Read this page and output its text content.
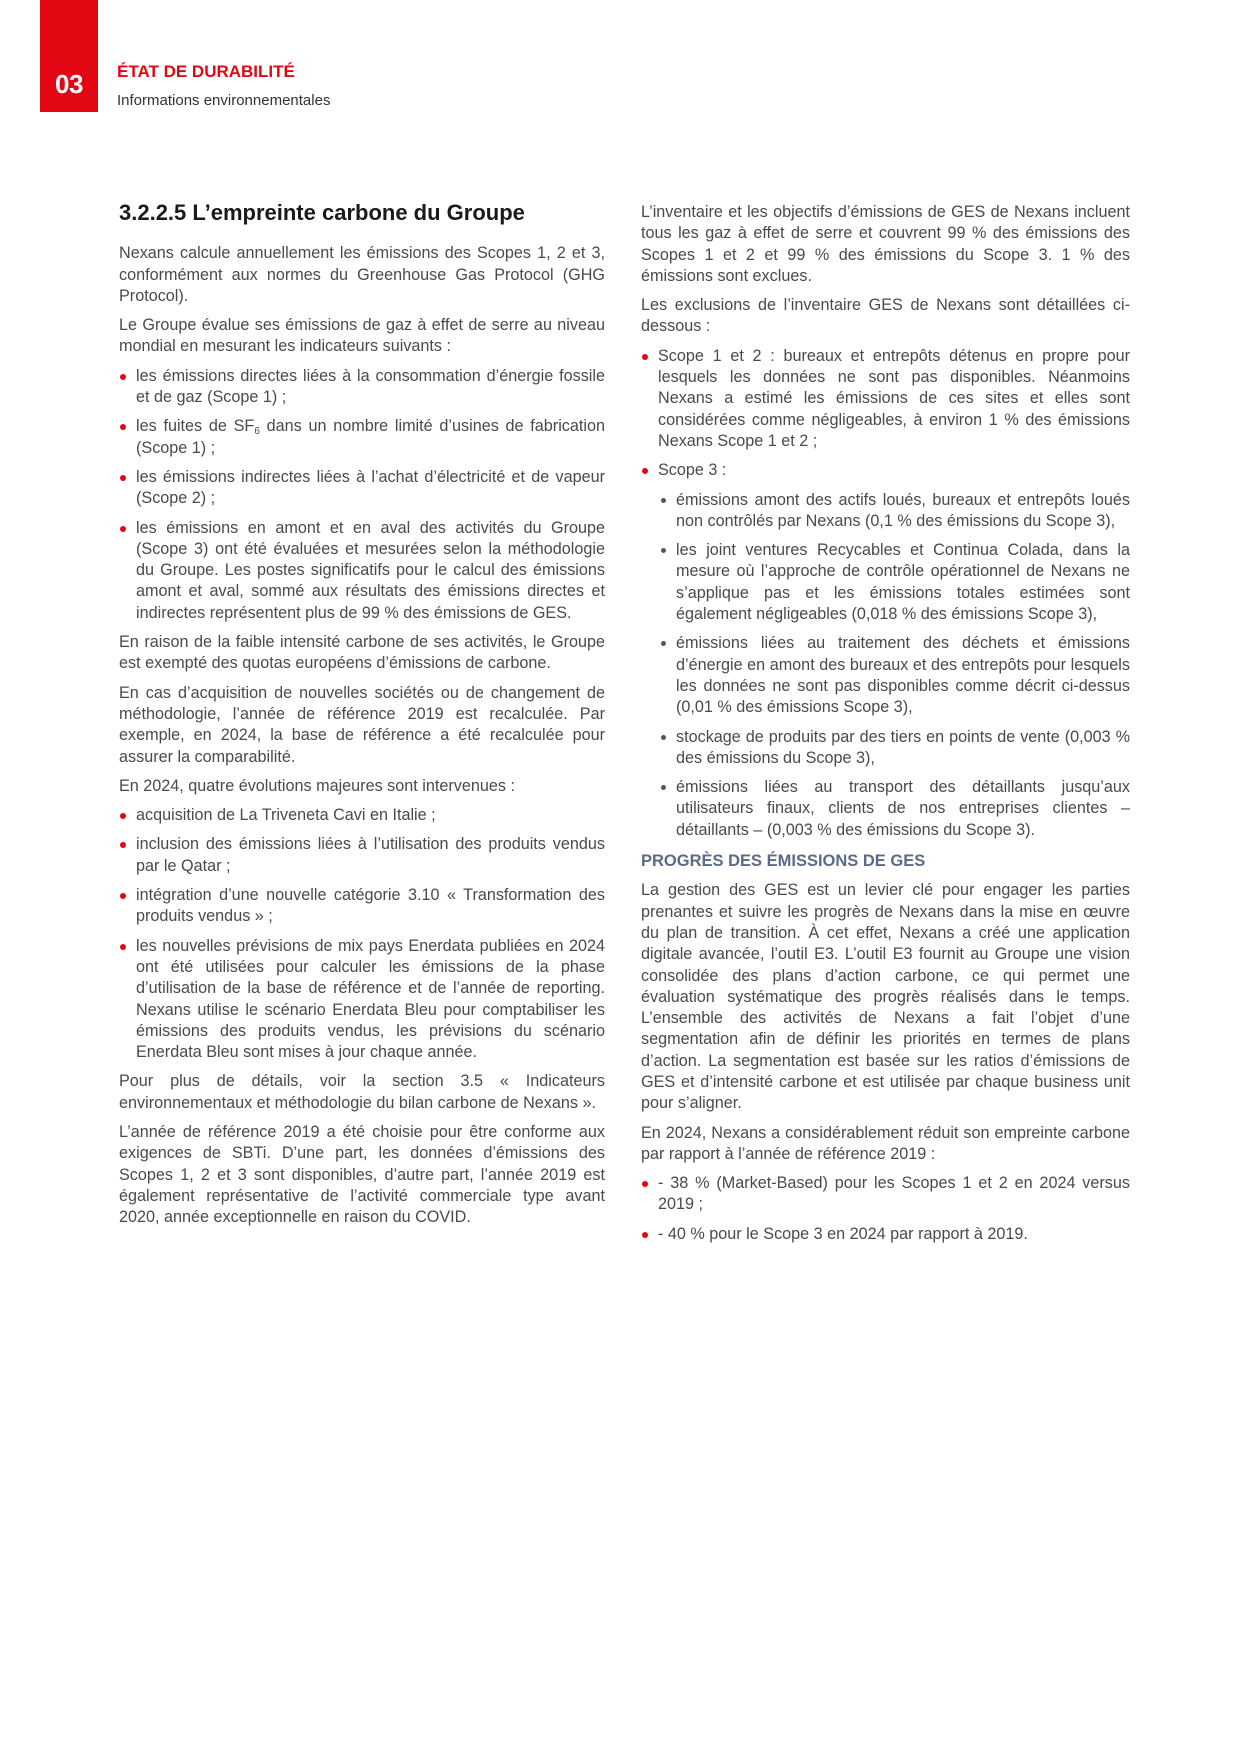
03	ÉTAT DE DURABILITÉ
Informations environnementales
3.2.2.5 L’empreinte carbone du Groupe

Nexans calcule annuellement les émissions des Scopes 1, 2 et 3, conformément aux normes du Greenhouse Gas Protocol (GHG Protocol).

Le Groupe évalue ses émissions de gaz à effet de serre au niveau mondial en mesurant les indicateurs suivants :

les émissions directes liées à la consommation d’énergie fossile et de gaz (Scope 1) ;
les fuites de $SF_6$ dans un nombre limité d’usines de fabrication (Scope 1) ;
les émissions indirectes liées à l’achat d’électricité et de vapeur (Scope 2) ;
les émissions en amont et en aval des activités du Groupe (Scope 3) ont été évaluées et mesurées selon la méthodologie du Groupe. Les postes significatifs pour le calcul des émissions amont et aval, sommé aux résultats des émissions directes et indirectes représentent plus de 99 % des émissions de GES.

En raison de la faible intensité carbone de ses activités, le Groupe est exempté des quotas européens d’émissions de carbone.

En cas d’acquisition de nouvelles sociétés ou de changement de méthodologie, l’année de référence 2019 est recalculée. Par exemple, en 2024, la base de référence a été recalculée pour assurer la comparabilité.

En 2024, quatre évolutions majeures sont intervenues :

acquisition de La Triveneta Cavi en Italie ;
inclusion des émissions liées à l’utilisation des produits vendus par le Qatar ;
intégration d’une nouvelle catégorie 3.10 « Transformation des produits vendus » ;
les nouvelles prévisions de mix pays Enerdata publiées en 2024 ont été utilisées pour calculer les émissions de la phase d’utilisation de la base de référence et de l’année de reporting. Nexans utilise le scénario Enerdata Bleu pour comptabiliser les émissions des produits vendus, les prévisions du scénario Enerdata Bleu sont mises à jour chaque année.

Pour plus de détails, voir la section 3.5 « Indicateurs environnementaux et méthodologie du bilan carbone de Nexans ».

L’année de référence 2019 a été choisie pour être conforme aux exigences de SBTi. D’une part, les données d’émissions des Scopes 1, 2 et 3 sont disponibles, d’autre part, l’année 2019 est également représentative de l’activité commerciale type avant 2020, année exceptionnelle en raison du COVID.

L’inventaire et les objectifs d’émissions de GES de Nexans incluent tous les gaz à effet de serre et couvrent 99 % des émissions des Scopes 1 et 2 et 99 % des émissions du Scope 3. 1 % des émissions sont exclues.

Les exclusions de l’inventaire GES de Nexans sont détaillées ci-dessous :

Scope 1 et 2 : bureaux et entrepôts détenus en propre pour lesquels les données ne sont pas disponibles. Néanmoins Nexans a estimé les émissions de ces sites et elles sont considérées comme négligeables, à environ 1 % des émissions Nexans Scope 1 et 2 ;
Scope 3 :
émissions amont des actifs loués, bureaux et entrepôts loués non contrôlés par Nexans (0,1 % des émissions du Scope 3),
les joint ventures Recycables et Continua Colada, dans la mesure où l’approche de contrôle opérationnel de Nexans ne s’applique pas et les émissions totales estimées sont également négligeables (0,018 % des émissions Scope 3),
émissions liées au traitement des déchets et émissions d’énergie en amont des bureaux et des entrepôts pour lesquels les données ne sont pas disponibles comme décrit ci-dessus (0,01 % des émissions Scope 3),
stockage de produits par des tiers en points de vente (0,003 % des émissions du Scope 3),
émissions liées au transport des détaillants jusqu’aux utilisateurs finaux, clients de nos entreprises clientes – détaillants – (0,003 % des émissions du Scope 3).
PROGRÈS DES ÉMISSIONS DE GES

La gestion des GES est un levier clé pour engager les parties prenantes et suivre les progrès de Nexans dans la mise en œuvre du plan de transition. À cet effet, Nexans a créé une application digitale avancée, l’outil E3. L’outil E3 fournit au Groupe une vision consolidée des plans d’action carbone, ce qui permet une évaluation systématique des progrès réalisés dans le temps. L’ensemble des activités de Nexans a fait l’objet d’une segmentation afin de définir les priorités en termes de plans d’action. La segmentation est basée sur les ratios d’émissions de GES et d’intensité carbone et est utilisée par chaque business unit pour s’aligner.

En 2024, Nexans a considérablement réduit son empreinte carbone par rapport à l’année de référence 2019 :

- 38 % (Market-Based) pour les Scopes 1 et 2 en 2024 versus 2019 ;
- 40 % pour le Scope 3 en 2024 par rapport à 2019.
